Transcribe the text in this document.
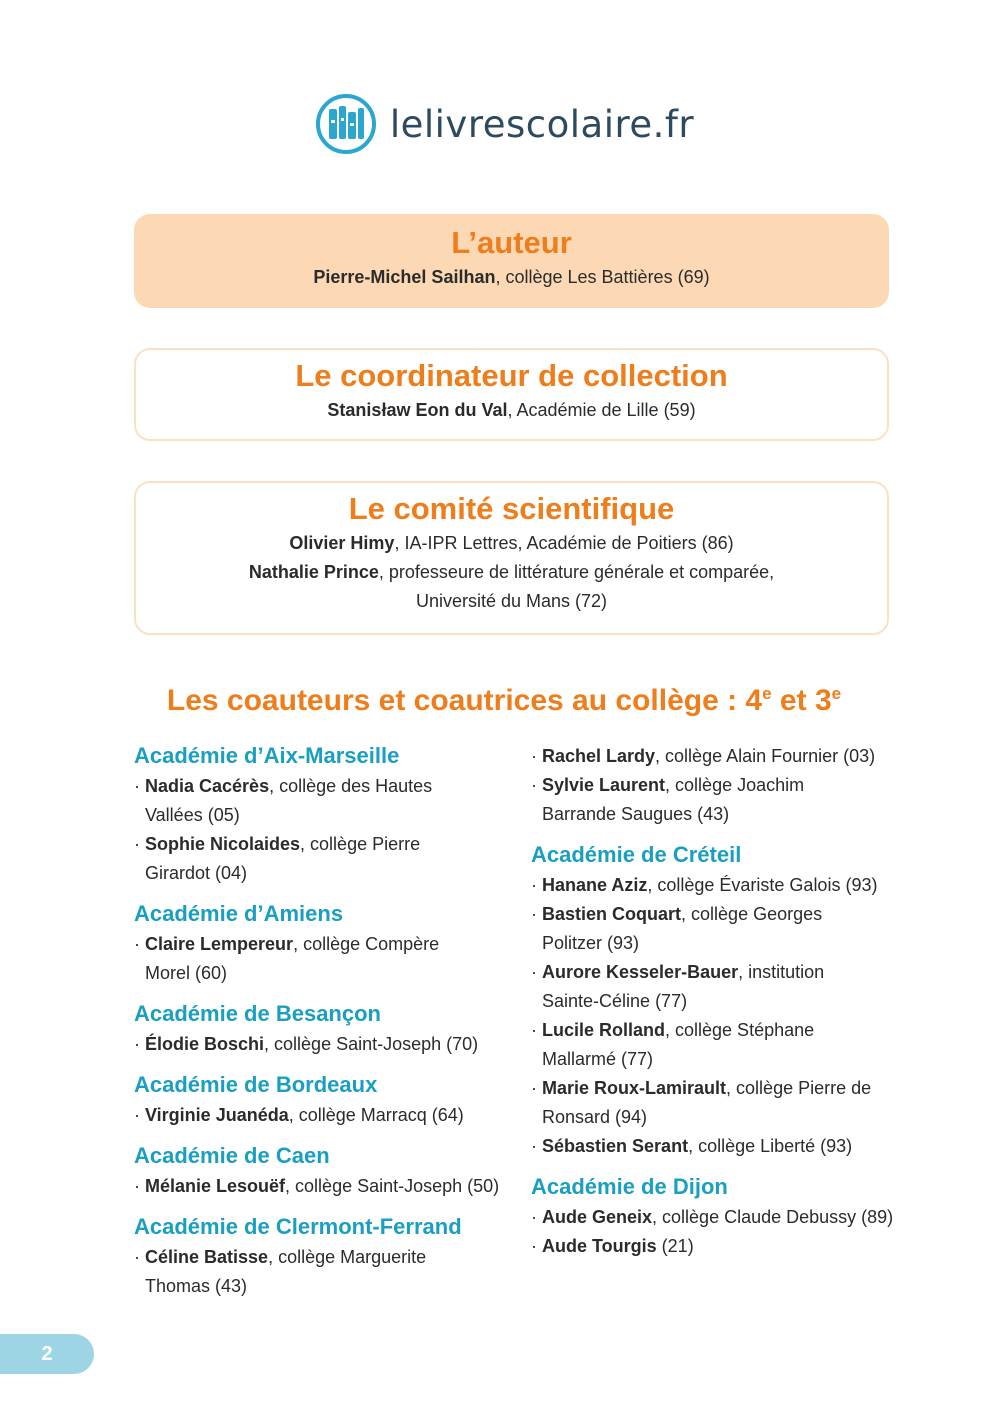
lelivrescolaire.fr
L’auteur
Pierre-Michel Sailhan, collège Les Battières (69)
Le coordinateur de collection
Stanisław Eon du Val, Académie de Lille (59)
Le comité scientifique
Olivier Himy, IA-IPR Lettres, Académie de Poitiers (86)
Nathalie Prince, professeure de littérature générale et comparée,
Université du Mans (72)
Les coauteurs et coautrices au collège : 4e et 3e
Académie d’Aix-Marseille
· Nadia Cacérès, collège des Hautes
Vallées (05)
· Sophie Nicolaides, collège Pierre
Girardot (04)
Académie d’Amiens
· Claire Lempereur, collège Compère
Morel (60)
Académie de Besançon
· Élodie Boschi, collège Saint-Joseph (70)
Académie de Bordeaux
· Virginie Juanéda, collège Marracq (64)
Académie de Caen
· Mélanie Lesouëf, collège Saint-Joseph (50)
Académie de Clermont-Ferrand
· Céline Batisse, collège Marguerite
Thomas (43)
· Rachel Lardy, collège Alain Fournier (03)
· Sylvie Laurent, collège Joachim
Barrande Saugues (43)
Académie de Créteil
· Hanane Aziz, collège Évariste Galois (93)
· Bastien Coquart, collège Georges
Politzer (93)
· Aurore Kesseler-Bauer, institution
Sainte-Céline (77)
· Lucile Rolland, collège Stéphane
Mallarmé (77)
· Marie Roux-Lamirault, collège Pierre de
Ronsard (94)
· Sébastien Serant, collège Liberté (93)
Académie de Dijon
· Aude Geneix, collège Claude Debussy (89)
· Aude Tourgis (21)
2
